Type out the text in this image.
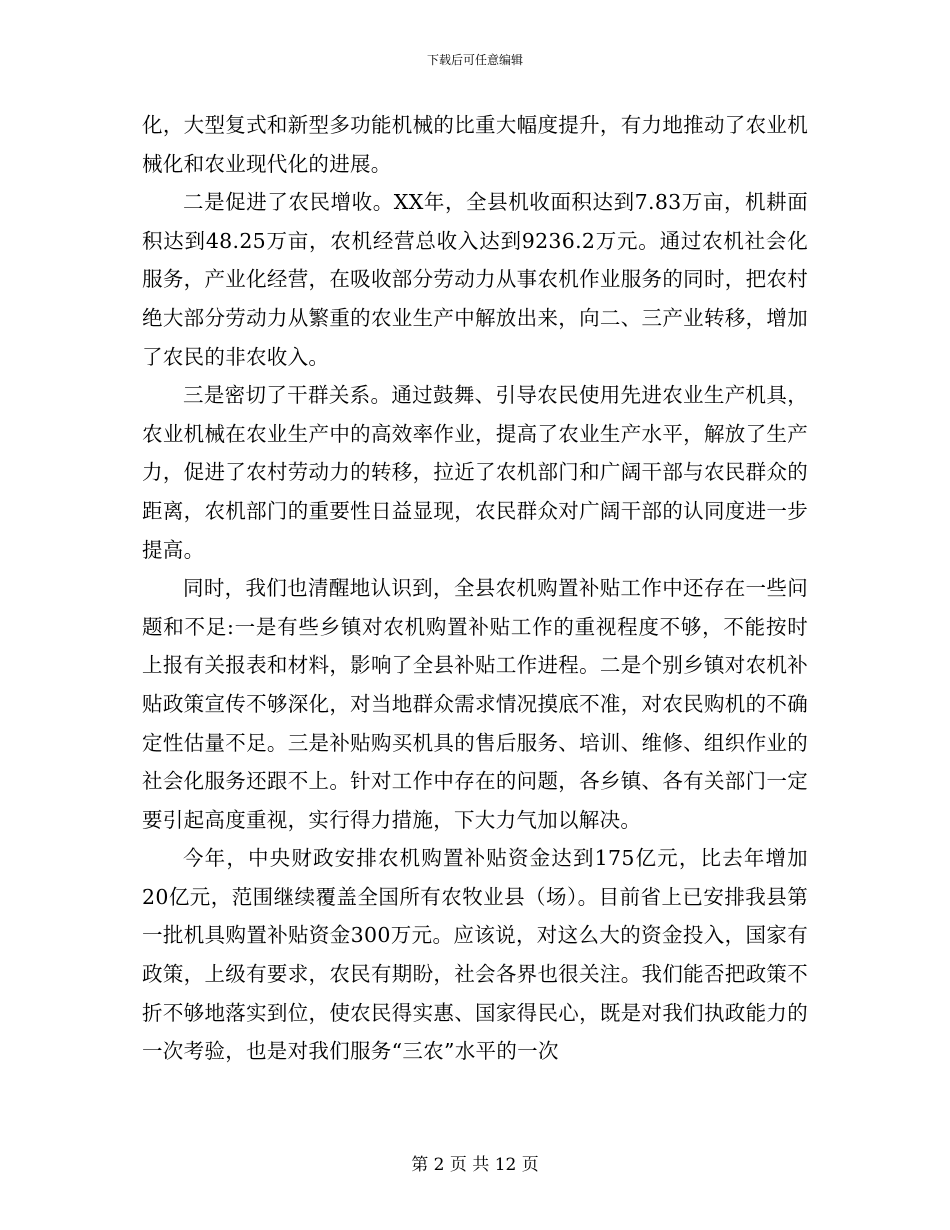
下载后可任意编辑

化，大型复式和新型多功能机械的比重大幅度提升，有力地推动了农业机械化和农业现代化的进展。

二是促进了农民增收。XX年，全县机收面积达到7.83万亩，机耕面积达到48.25万亩，农机经营总收入达到9236.2万元。通过农机社会化服务，产业化经营，在吸收部分劳动力从事农机作业服务的同时，把农村绝大部分劳动力从繁重的农业生产中解放出来，向二、三产业转移，增加了农民的非农收入。

三是密切了干群关系。通过鼓舞、引导农民使用先进农业生产机具，农业机械在农业生产中的高效率作业，提高了农业生产水平，解放了生产力，促进了农村劳动力的转移，拉近了农机部门和广阔干部与农民群众的距离，农机部门的重要性日益显现，农民群众对广阔干部的认同度进一步提高。

同时，我们也清醒地认识到，全县农机购置补贴工作中还存在一些问题和不足:一是有些乡镇对农机购置补贴工作的重视程度不够，不能按时上报有关报表和材料，影响了全县补贴工作进程。二是个别乡镇对农机补贴政策宣传不够深化，对当地群众需求情况摸底不准，对农民购机的不确定性估量不足。三是补贴购买机具的售后服务、培训、维修、组织作业的社会化服务还跟不上。针对工作中存在的问题，各乡镇、各有关部门一定要引起高度重视，实行得力措施，下大力气加以解决。

今年，中央财政安排农机购置补贴资金达到175亿元，比去年增加20亿元，范围继续覆盖全国所有农牧业县（场）。目前省上已安排我县第一批机具购置补贴资金300万元。应该说，对这么大的资金投入，国家有政策，上级有要求，农民有期盼，社会各界也很关注。我们能否把政策不折不够地落实到位，使农民得实惠、国家得民心，既是对我们执政能力的一次考验，也是对我们服务“三农”水平的一次

第 2 页 共 12 页
